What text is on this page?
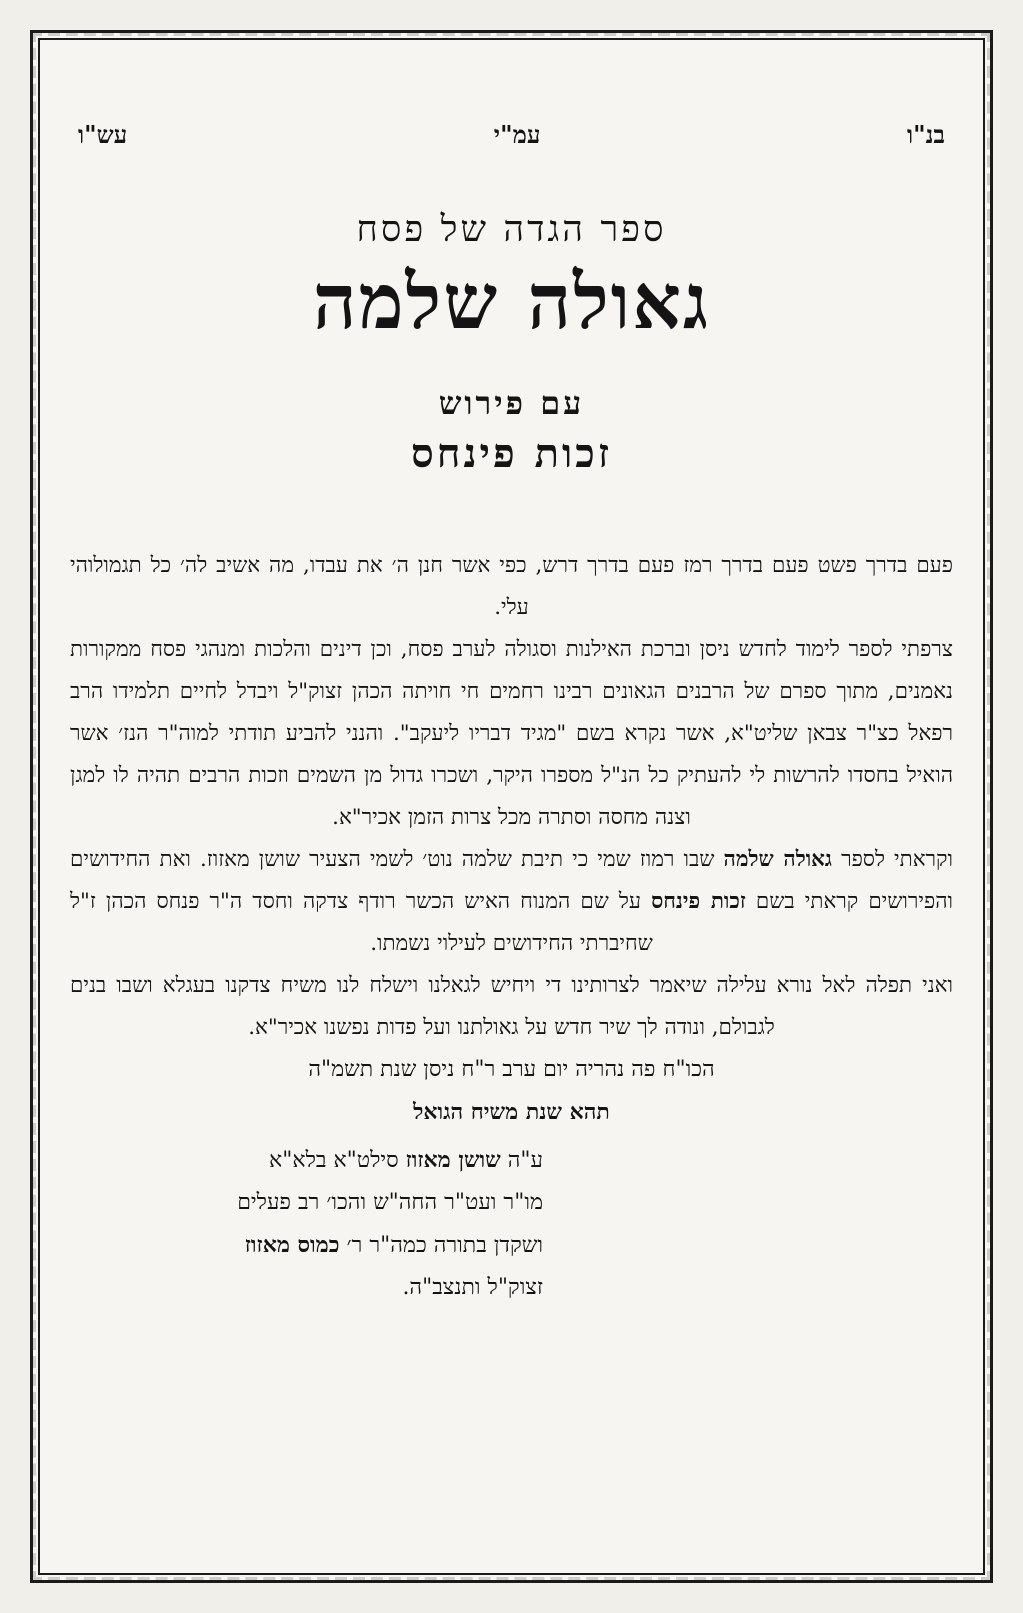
בנ"ו
עמ"י
עש"ו
ספר הגדה של פסח
גאולה שלמה
עם פירוש
זכות פינחס

פעם בדרך פשט פעם בדרך רמז פעם בדרך דרש, כפי אשר חנן ה׳ את עבדו, מה אשיב לה׳ כל תגמולוהי עלי.

צרפתי לספר לימוד לחדש ניסן וברכת האילנות וסגולה לערב פסח, וכן דינים והלכות ומנהגי פסח ממקורות נאמנים, מתוך ספרם של הרבנים הגאונים רבינו רחמים חי חויתה הכהן זצוק"ל ויבדל לחיים תלמידו הרב רפאל כצ"ר צבאן שליט"א, אשר נקרא בשם "מגיד דבריו ליעקב". והנני להביע תודתי למוה"ר הנז׳ אשר הואיל בחסדו להרשות לי להעתיק כל הנ"ל מספרו היקר, ושכרו גדול מן השמים וזכות הרבים תהיה לו למגן וצנה מחסה וסתרה מכל צרות הזמן אכיר"א.

וקראתי לספר גאולה שלמה שבו רמוז שמי כי תיבת שלמה נוט׳ לשמי הצעיר שושן מאזוז. ואת החידושים והפירושים קראתי בשם זכות פינחס על שם המנוח האיש הכשר רודף צדקה וחסד ה"ר פנחס הכהן ז"ל שחיברתי החידושים לעילוי נשמתו.

ואני תפלה לאל נורא עלילה שיאמר לצרותינו די ויחיש לגאלנו וישלח לנו משיח צדקנו בעגלא ושבו בנים לגבולם, ונודה לך שיר חדש על גאולתנו ועל פדות נפשנו אכיר"א.

הכו"ח פה נהריה יום ערב ר"ח ניסן שנת תשמ"ה
תהא שנת משיח הגואל
ע"ה שושן מאזוז סילט"א בלא"א
מו"ר ועט"ר החה"ש והכו׳ רב פעלים
ושקדן בתורה כמה"ר ר׳ כמוס מאזוז
זצוק"ל ותנצב"ה.
